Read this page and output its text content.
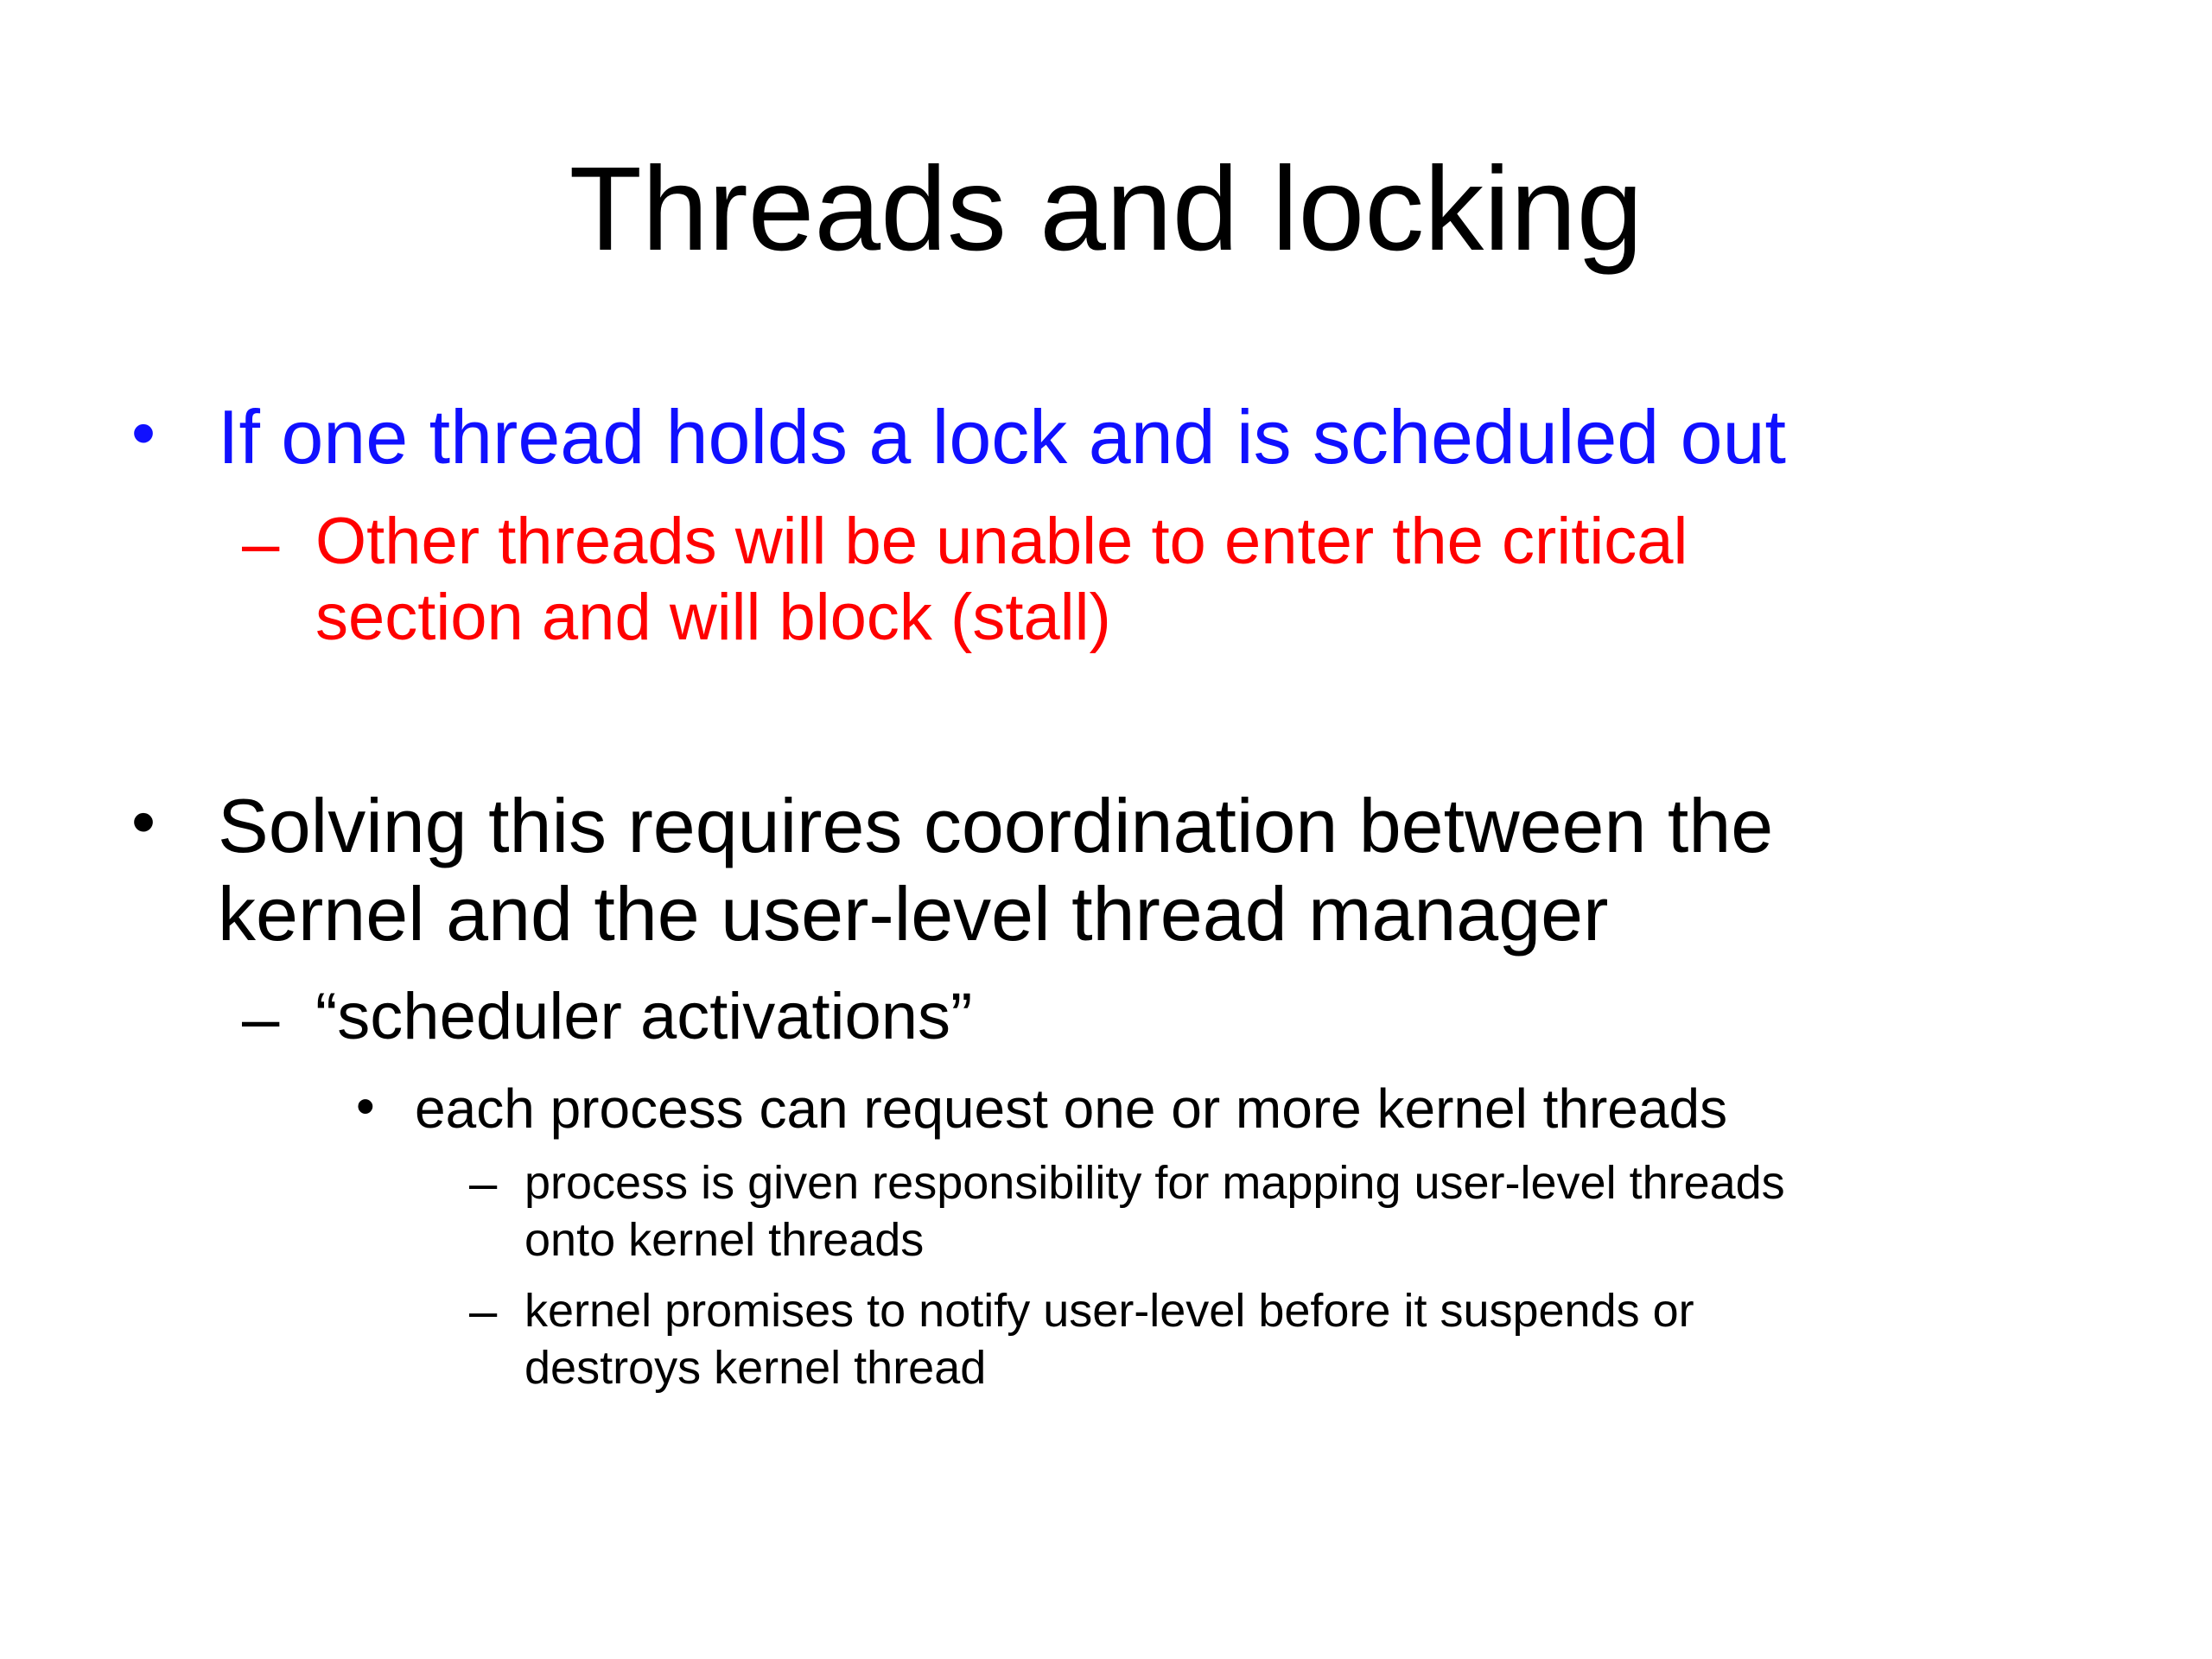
Threads and locking
• If one thread holds a lock and is scheduled out
– Other threads will be unable to enter the critical
section and will block (stall)
• Solving this requires coordination between the
kernel and the user-level thread manager
– “scheduler activations”
• each process can request one or more kernel threads
– process is given responsibility for mapping user-level threads
onto kernel threads
– kernel promises to notify user-level before it suspends or
destroys kernel thread
